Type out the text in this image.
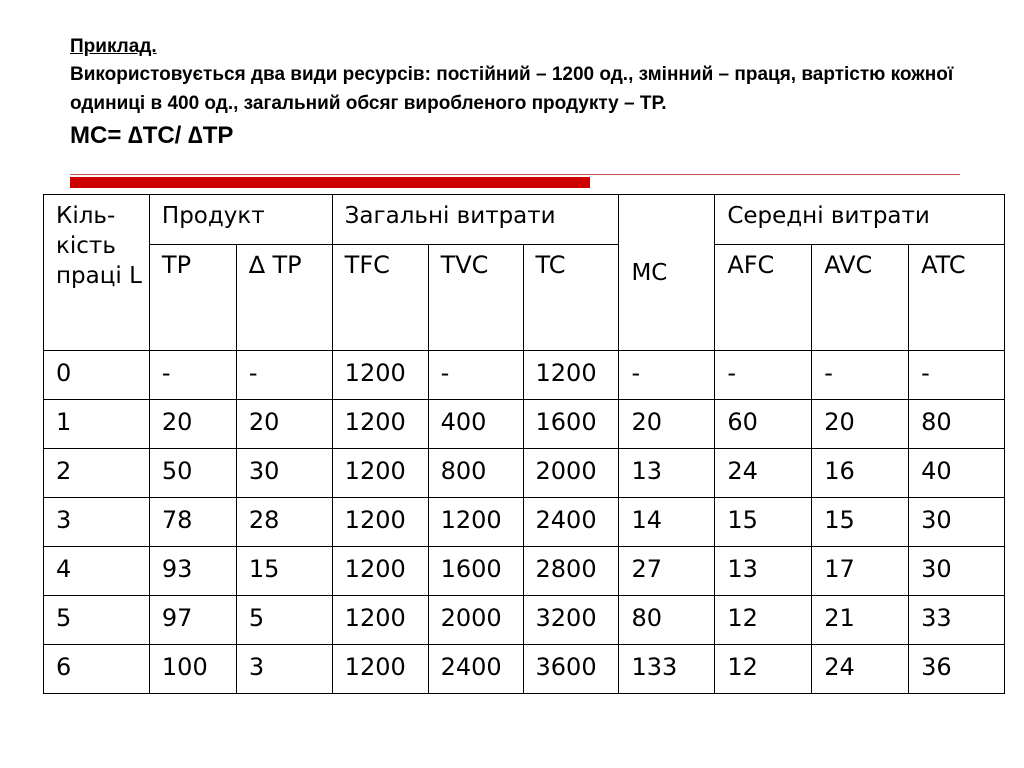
Приклад.

Використовується два види ресурсів: постійний – 1200 од., змінний – праця, вартістю кожної одиниці в 400 од., загальний обсяг виробленого продукту – ТР.

MC= ∆TC/ ∆TP

Кіль-кість праці L	Продукт		Загальні витрати			MC	Середні витрати		
	TP	∆ TP	TFC	TVC	TC		AFC	AVC	ATC
0	-	-	1200	-	1200	-	-	-	-
1	20	20	1200	400	1600	20	60	20	80
2	50	30	1200	800	2000	13	24	16	40
3	78	28	1200	1200	2400	14	15	15	30
4	93	15	1200	1600	2800	27	13	17	30
5	97	5	1200	2000	3200	80	12	21	33
6	100	3	1200	2400	3600	133	12	24	36
